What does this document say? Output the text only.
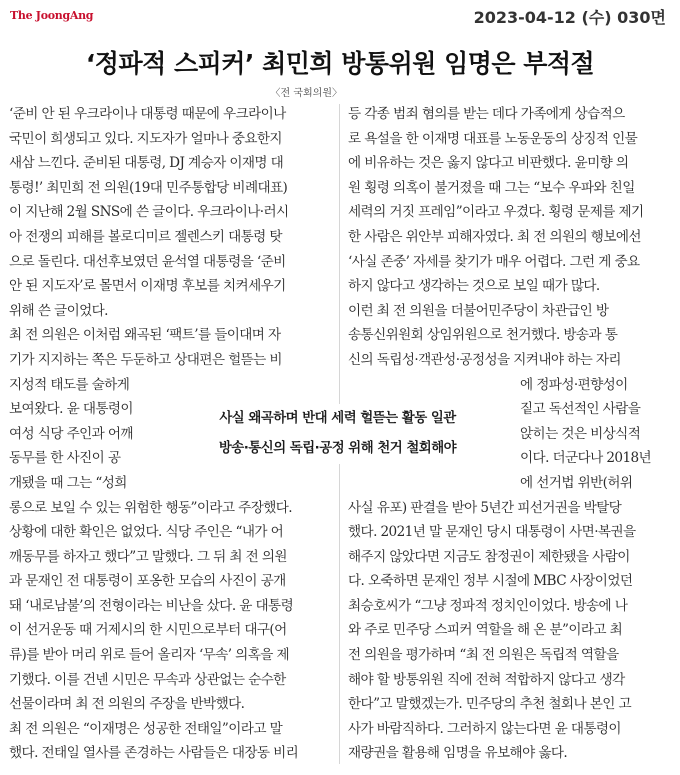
The JoongAng	2023-04-12 (수) 030면
‘정파적 스피커’ 최민희 방통위원 임명은 부적절
〈전 국회의원〉
‘준비 안 된 우크라이나 대통령 때문에 우크라이나
국민이 희생되고 있다. 지도자가 얼마나 중요한지
새삼 느낀다. 준비된 대통령, DJ 계승자 이재명 대
통령!’ 최민희 전 의원(19대 민주통합당 비례대표)
이 지난해 2월 SNS에 쓴 글이다. 우크라이나·러시
아 전쟁의 피해를 볼로디미르 젤렌스키 대통령 탓
으로 돌린다. 대선후보였던 윤석열 대통령을 ‘준비
안 된 지도자’로 몰면서 이재명 후보를 치켜세우기
위해 쓴 글이었다.
최 전 의원은 이처럼 왜곡된 ‘팩트’를 들이대며 자
기가 지지하는 쪽은 두둔하고 상대편은 헐뜯는 비
지성적 태도를 술하게
보여왔다. 윤 대통령이
여성 식당 주인과 어깨
동무를 한 사진이 공
개됐을 때 그는 “성희
롱으로 보일 수 있는 위험한 행동”이라고 주장했다.
상황에 대한 확인은 없었다. 식당 주인은 “내가 어
깨동무를 하자고 했다”고 말했다. 그 뒤 최 전 의원
과 문재인 전 대통령이 포옹한 모습의 사진이 공개
돼 ‘내로남불’의 전형이라는 비난을 샀다. 윤 대통령
이 선거운동 때 거제시의 한 시민으로부터 대구(어
류)를 받아 머리 위로 들어 올리자 ‘무속’ 의혹을 제
기했다. 이를 건넨 시민은 무속과 상관없는 순수한
선물이라며 최 전 의원의 주장을 반박했다.
최 전 의원은 “이재명은 성공한 전태일”이라고 말
했다. 전태일 열사를 존경하는 사람들은 대장동 비리
등 각종 범죄 혐의를 받는 데다 가족에게 상습적으
로 욕설을 한 이재명 대표를 노동운동의 상징적 인물
에 비유하는 것은 옳지 않다고 비판했다. 윤미향 의
원 횡령 의혹이 불거졌을 때 그는 “보수 우파와 친일
세력의 거짓 프레임”이라고 우겼다. 횡령 문제를 제기
한 사람은 위안부 피해자였다. 최 전 의원의 행보에선
‘사실 존중’ 자세를 찾기가 매우 어렵다. 그런 게 중요
하지 않다고 생각하는 것으로 보일 때가 많다.
이런 최 전 의원을 더불어민주당이 차관급인 방
송통신위원회 상임위원으로 천거했다. 방송과 통
신의 독립성·객관성·공정성을 지켜내야 하는 자리
에 정파성·편향성이
짙고 독선적인 사람을
앉히는 것은 비상식적
이다. 더군다나 2018년
에 선거법 위반(허위
사실 유포) 판결을 받아 5년간 피선거권을 박탈당
했다. 2021년 말 문재인 당시 대통령이 사면·복권을
해주지 않았다면 지금도 참정권이 제한됐을 사람이
다. 오죽하면 문재인 정부 시절에 MBC 사장이었던
최승호씨가 “그냥 정파적 정치인이었다. 방송에 나
와 주로 민주당 스피커 역할을 해 온 분”이라고 최
전 의원을 평가하며 “최 전 의원은 독립적 역할을
해야 할 방통위원 직에 전혀 적합하지 않다고 생각
한다”고 말했겠는가. 민주당의 추천 철회나 본인 고
사가 바람직하다. 그러하지 않는다면 윤 대통령이
재량권을 활용해 임명을 유보해야 옳다.
사실 왜곡하며 반대 세력 헐뜯는 활동 일관
방송·통신의 독립·공정 위해 천거 철회해야
